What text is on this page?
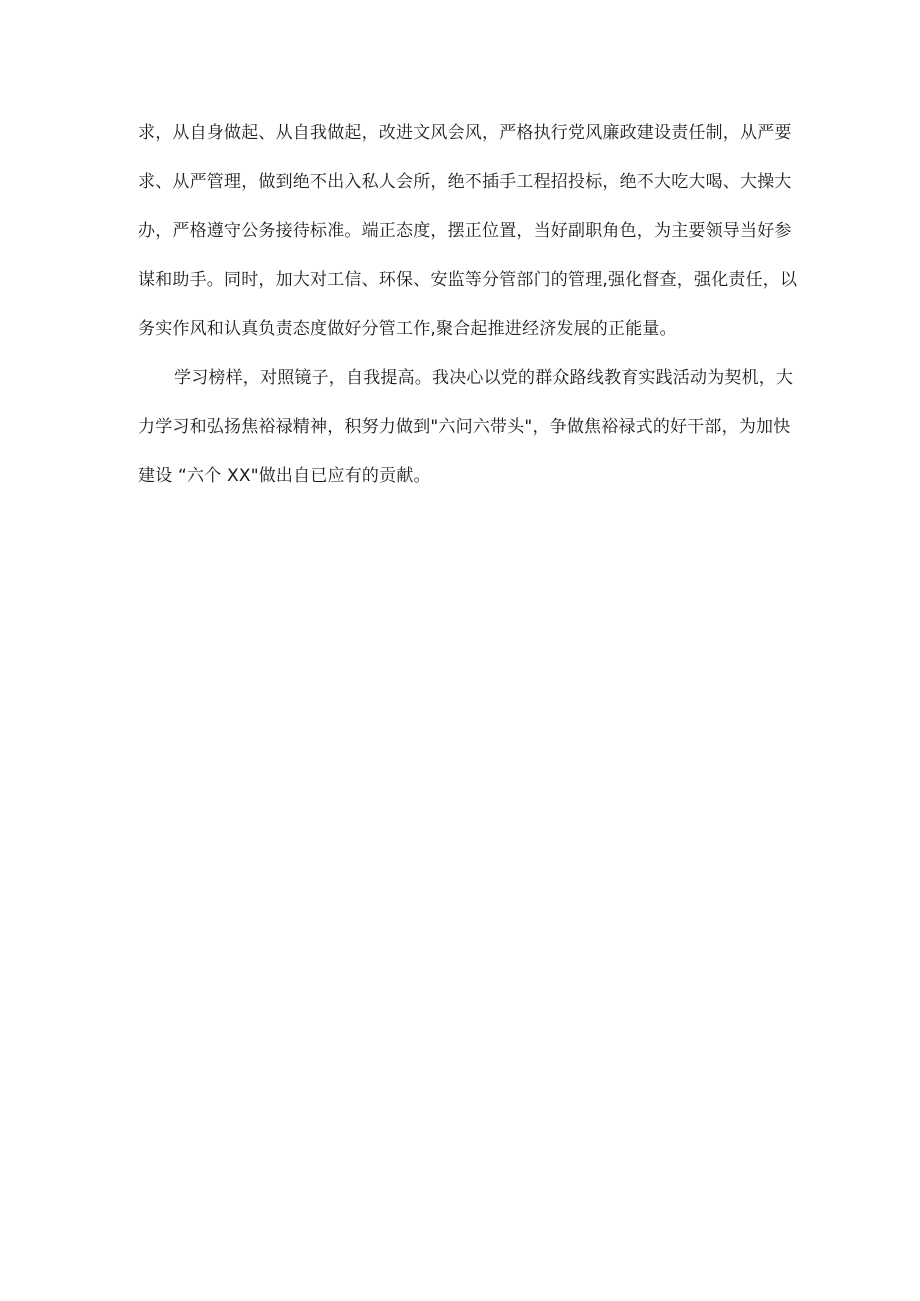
求，从自身做起、从自我做起，改进文风会风，严格执行党风廉政建设责任制，从严要
求、从严管理，做到绝不出入私人会所，绝不插手工程招投标，绝不大吃大喝、大操大
办，严格遵守公务接待标准。端正态度，摆正位置，当好副职角色，为主要领导当好参
谋和助手。同时，加大对工信、环保、安监等分管部门的管理,强化督查，强化责任，以
务实作风和认真负责态度做好分管工作,聚合起推进经济发展的正能量。
学习榜样，对照镜子，自我提高。我决心以党的群众路线教育实践活动为契机，大
力学习和弘扬焦裕禄精神，积努力做到"六问六带头"，争做焦裕禄式的好干部，为加快
建设 “六个 XX"做出自已应有的贡献。
